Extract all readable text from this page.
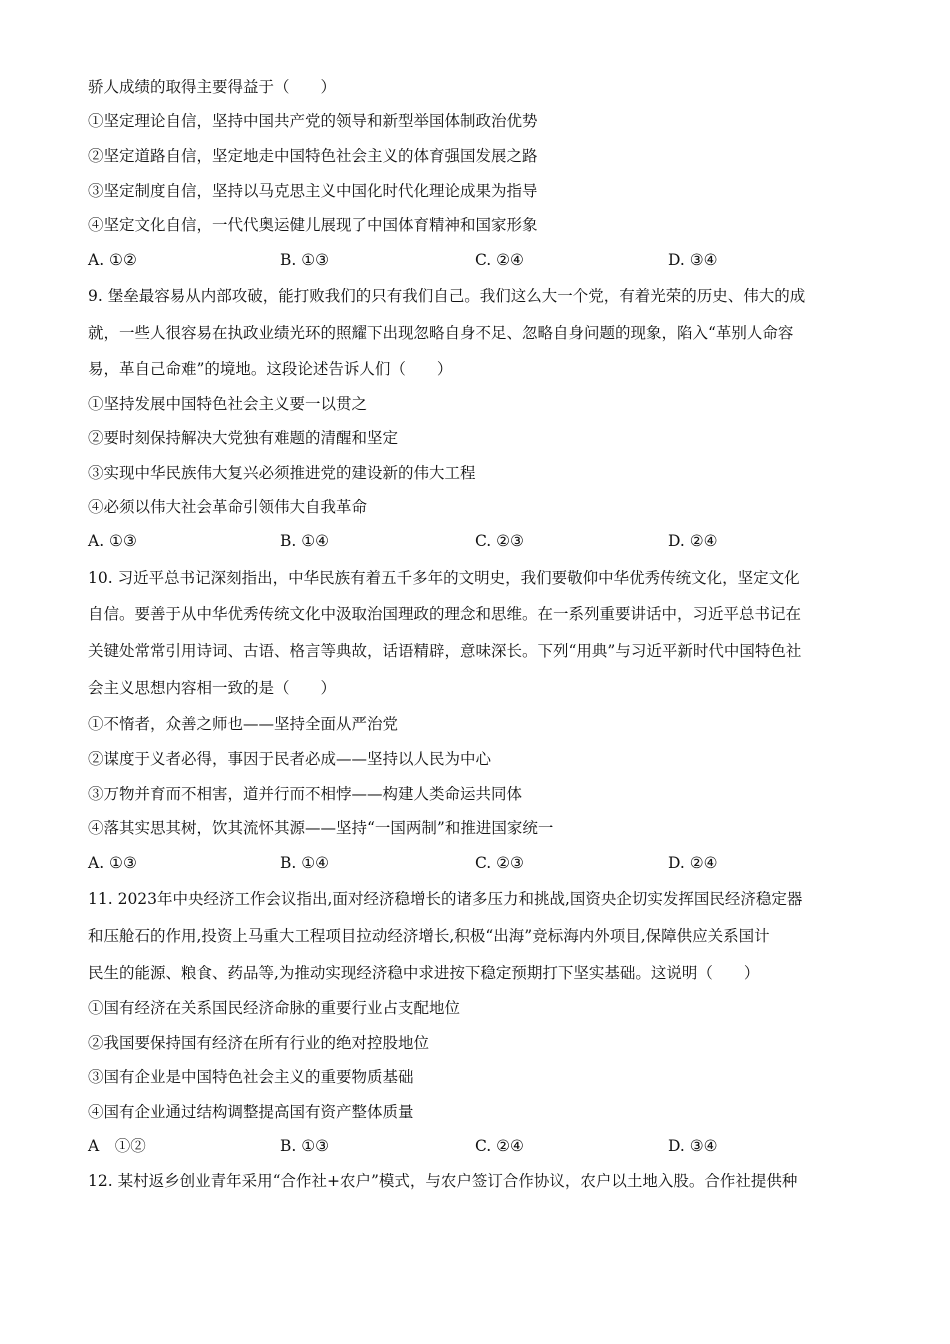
骄人成绩的取得主要得益于（　　）
①坚定理论自信，坚持中国共产党的领导和新型举国体制政治优势
②坚定道路自信，坚定地走中国特色社会主义的体育强国发展之路
③坚定制度自信，坚持以马克思主义中国化时代化理论成果为指导
④坚定文化自信，一代代奥运健儿展现了中国体育精神和国家形象
A. ①②	B. ①③	C. ②④	D. ③④
9. 堡垒最容易从内部攻破，能打败我们的只有我们自己。我们这么大一个党，有着光荣的历史、伟大的成
就，一些人很容易在执政业绩光环的照耀下出现忽略自身不足、忽略自身问题的现象，陷入“革别人命容
易，革自己命难”的境地。这段论述告诉人们（　　）
①坚持发展中国特色社会主义要一以贯之
②要时刻保持解决大党独有难题的清醒和坚定
③实现中华民族伟大复兴必须推进党的建设新的伟大工程
④必须以伟大社会革命引领伟大自我革命
A. ①③	B. ①④	C. ②③	D. ②④
10. 习近平总书记深刻指出，中华民族有着五千多年的文明史，我们要敬仰中华优秀传统文化，坚定文化
自信。要善于从中华优秀传统文化中汲取治国理政的理念和思维。在一系列重要讲话中，习近平总书记在
关键处常常引用诗词、古语、格言等典故，话语精辟，意味深长。下列“用典”与习近平新时代中国特色社
会主义思想内容相一致的是（　　）
①不惰者，众善之师也——坚持全面从严治党
②谋度于义者必得，事因于民者必成——坚持以人民为中心
③万物并育而不相害，道并行而不相悖——构建人类命运共同体
④落其实思其树，饮其流怀其源——坚持“一国两制”和推进国家统一
A. ①③	B. ①④	C. ②③	D. ②④
11. 2023年中央经济工作会议指出,面对经济稳增长的诸多压力和挑战,国资央企切实发挥国民经济稳定器
和压舱石的作用,投资上马重大工程项目拉动经济增长,积极“出海”竞标海内外项目,保障供应关系国计
民生的能源、粮食、药品等,为推动实现经济稳中求进按下稳定预期打下坚实基础。这说明（　　）
①国有经济在关系国民经济命脉的重要行业占支配地位
②我国要保持国有经济在所有行业的绝对控股地位
③国有企业是中国特色社会主义的重要物质基础
④国有企业通过结构调整提高国有资产整体质量
A　①②	B. ①③	C. ②④	D. ③④
12. 某村返乡创业青年采用“合作社+农户”模式，与农户签订合作协议，农户以土地入股。合作社提供种
